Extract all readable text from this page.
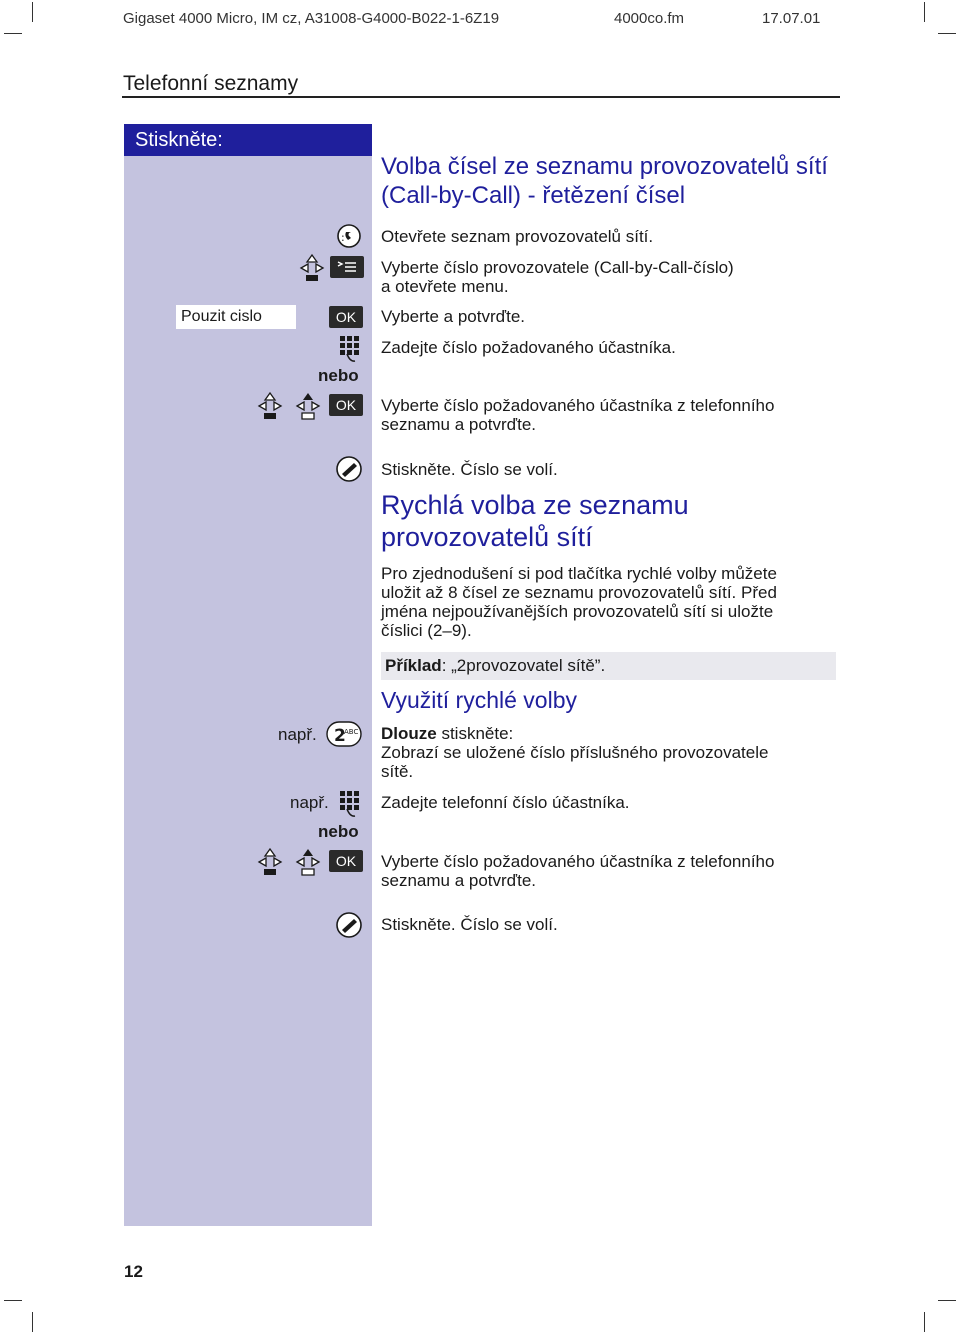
Gigaset 4000 Micro, IM cz, A31008-G4000-B022-1-6Z19	4000co.fm	17.07.01
Telefonní seznamy
Stiskněte:
Volba čísel ze seznamu provozovatelů sítí
(Call-by-Call) - řetězení čísel
: Otevřete seznam provozovatelů sítí.
Vyberte číslo provozovatele (Call-by-Call-číslo)
a otevřete menu.
Pouzit cislo	OK	Vyberte a potvrďte.
Zadejte číslo požadovaného účastníka.
nebo
OK	Vyberte číslo požadovaného účastníka z telefonního
seznamu a potvrďte.
Stiskněte. Číslo se volí.
Rychlá volba ze seznamu
provozovatelů sítí
Pro zjednodušení si pod tlačítka rychlé volby můžete
uložit až 8 čísel ze seznamu provozovatelů sítí. Před
jména nejpoužívanějších provozovatelů sítí si uložte
číslici (2–9).
Příklad: „2provozovatel sítě”.
Využití rychlé volby
např. 2
ABC Dlouze stiskněte:
Zobrazí se uložené číslo příslušného provozovatele
sítě.
např.	Zadejte telefonní číslo účastníka.
nebo
OK	Vyberte číslo požadovaného účastníka z telefonního
seznamu a potvrďte.
Stiskněte. Číslo se volí.
12
